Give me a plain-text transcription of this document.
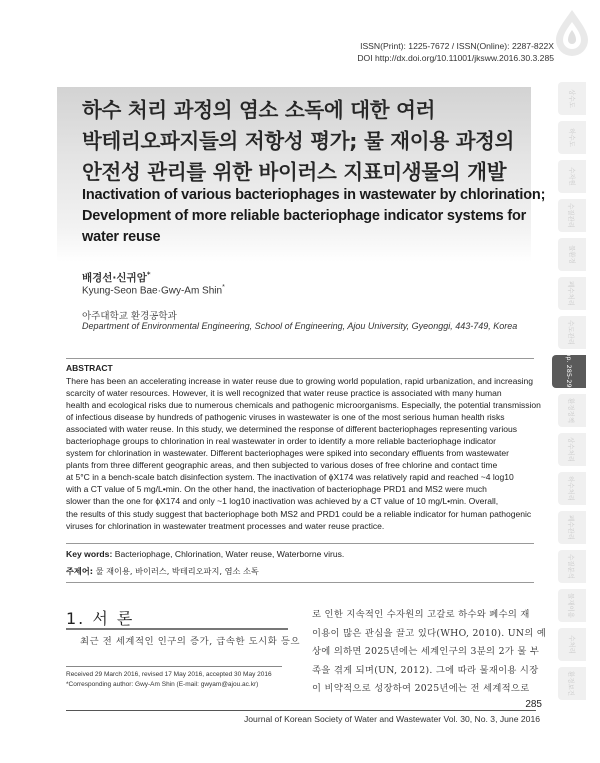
ISSN(Print): 1225-7672 / ISSN(Online): 2287-822X
DOI http://dx.doi.org/10.11001/jksww.2016.30.3.285
상수도
하수도
수자원
수질관리
물환경
폐수처리
수도관리
pp. 285-291
환경정책
상수처리
하수처리
폐수관리
수질분석
물재이용
수처리
환경보건
하수 처리 과정의 염소 소독에 대한 여러
박테리오파지들의 저항성 평가; 물 재이용 과정의
안전성 관리를 위한 바이러스 지표미생물의 개발
Inactivation of various bacteriophages in wastewater by chlorination;
Development of more reliable bacteriophage indicator systems for
water reuse
배경선·신귀암*
Kyung-Seon Bae·Gwy-Am Shin*
아주대학교 환경공학과
Department of Environmental Engineering, School of Engineering, Ajou University, Gyeonggi, 443-749, Korea
ABSTRACT
There has been an accelerating increase in water reuse due to growing world population, rapid urbanization, and increasing
scarcity of water resources. However, it is well recognized that water reuse practice is associated with many human
health and ecological risks due to numerous chemicals and pathogenic microorganisms. Especially, the potential transmission
of infectious disease by hundreds of pathogenic viruses in wastewater is one of the most serious human health risks
associated with water reuse. In this study, we determined the response of different bacteriophages representing various
bacteriophage groups to chlorination in real wastewater in order to identify a more reliable bacteriophage indicator
system for chlorination in wastewater. Different bacteriophages were spiked into secondary effluents from wastewater
plants from three different geographic areas, and then subjected to various doses of free chlorine and contact time
at 5°C in a bench-scale batch disinfection system. The inactivation of ϕX174 was relatively rapid and reached ~4 log10
with a CT value of 5 mg/L•min. On the other hand, the inactivation of bacteriophage PRD1 and MS2 were much
slower than the one for ϕX174 and only ~1 log10 inactivation was achieved by a CT value of 10 mg/L•min. Overall,
the results of this study suggest that bacteriophage both MS2 and PRD1 could be a reliable indicator for human pathogenic
viruses for chlorination in wastewater treatment processes and water reuse practice.
Key words: Bacteriophage, Chlorination, Water reuse, Waterborne virus.
주제어: 물 재이용, 바이러스, 박테리오파지, 염소 소독
1. 서 론
최근 전 세계적인 인구의 증가, 급속한 도시화 등으
로 인한 지속적인 수자원의 고갈로 하수와 폐수의 재
이용이 많은 관심을 끌고 있다(WHO, 2010). UN의 예
상에 의하면 2025년에는 세계인구의 3분의 2가 물 부
족을 겪게 되며(UN, 2012). 그에 따라 물재이용 시장
이 비약적으로 성장하여 2025년에는 전 세계적으로
Received 29 March 2016, revised 17 May 2016, accepted 30 May 2016
*Corresponding author: Gwy-Am Shin (E-mail: gwyam@ajou.ac.kr)
285
Journal of Korean Society of Water and Wastewater Vol. 30, No. 3, June 2016
